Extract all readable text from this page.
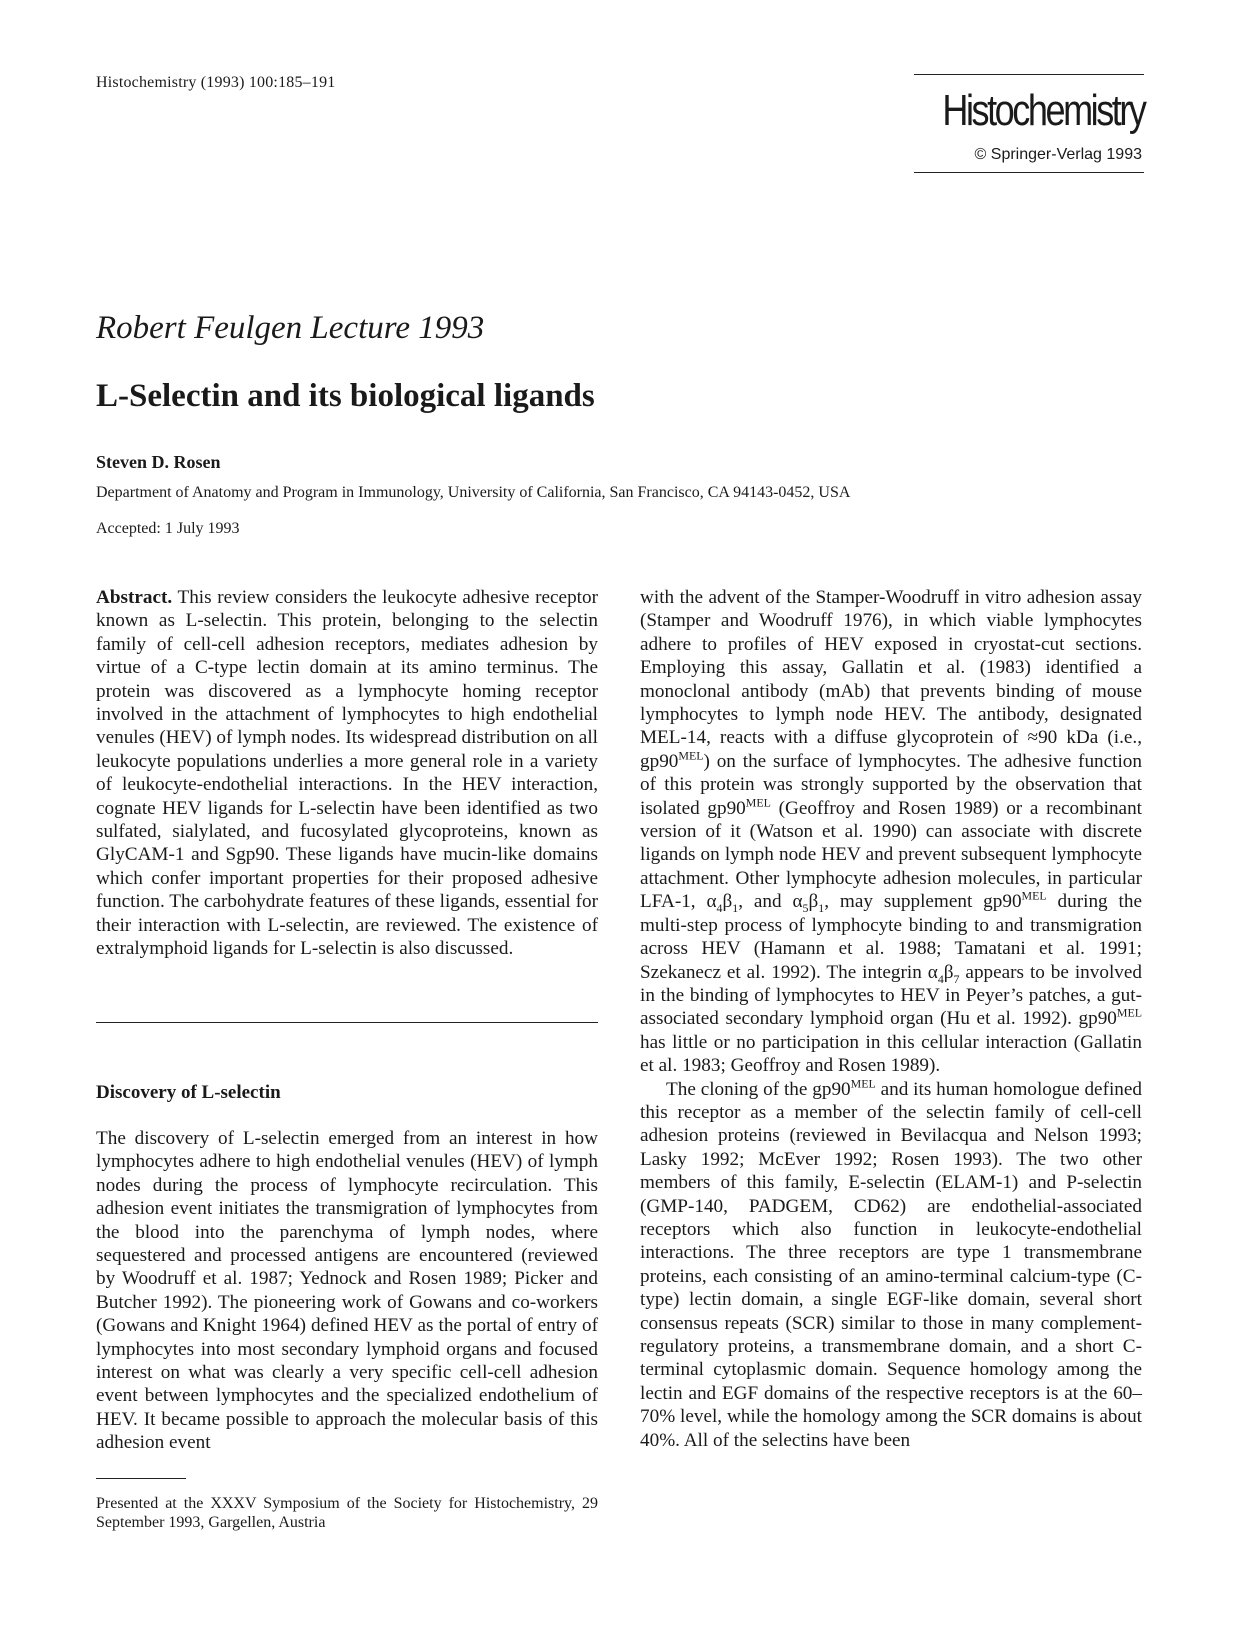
Histochemistry (1993) 100:185–191
Histochemistry
© Springer-Verlag 1993
Robert Feulgen Lecture 1993
L-Selectin and its biological ligands
Steven D. Rosen
Department of Anatomy and Program in Immunology, University of California, San Francisco, CA 94143-0452, USA
Accepted: 1 July 1993

Abstract. This review considers the leukocyte adhesive receptor known as L-selectin. This protein, belonging to the selectin family of cell-cell adhesion receptors, mediates adhesion by virtue of a C-type lectin domain at its amino terminus. The protein was discovered as a lymphocyte homing receptor involved in the attachment of lymphocytes to high endothelial venules (HEV) of lymph nodes. Its widespread distribution on all leukocyte populations underlies a more general role in a variety of leukocyte-endothelial interactions. In the HEV interaction, cognate HEV ligands for L-selectin have been identified as two sulfated, sialylated, and fucosylated glycoproteins, known as GlyCAM-1 and Sgp90. These ligands have mucin-like domains which confer important properties for their proposed adhesive function. The carbohydrate features of these ligands, essential for their interaction with L-selectin, are reviewed. The existence of extralymphoid ligands for L-selectin is also discussed.

Discovery of L-selectin

The discovery of L-selectin emerged from an interest in how lymphocytes adhere to high endothelial venules (HEV) of lymph nodes during the process of lymphocyte recirculation. This adhesion event initiates the transmigration of lymphocytes from the blood into the parenchyma of lymph nodes, where sequestered and processed antigens are encountered (reviewed by Woodruff et al. 1987; Yednock and Rosen 1989; Picker and Butcher 1992). The pioneering work of Gowans and co-workers (Gowans and Knight 1964) defined HEV as the portal of entry of lymphocytes into most secondary lymphoid organs and focused interest on what was clearly a very specific cell-cell adhesion event between lymphocytes and the specialized endothelium of HEV. It became possible to approach the molecular basis of this adhesion event

Presented at the XXXV Symposium of the Society for Histochemistry, 29 September 1993, Gargellen, Austria

with the advent of the Stamper-Woodruff in vitro adhesion assay (Stamper and Woodruff 1976), in which viable lymphocytes adhere to profiles of HEV exposed in cryostat-cut sections. Employing this assay, Gallatin et al. (1983) identified a monoclonal antibody (mAb) that prevents binding of mouse lymphocytes to lymph node HEV. The antibody, designated MEL-14, reacts with a diffuse glycoprotein of ≈90 kDa (i.e., $gp90^{MEL}$) on the surface of lymphocytes. The adhesive function of this protein was strongly supported by the observation that isolated $gp90^{MEL}$ (Geoffroy and Rosen 1989) or a recombinant version of it (Watson et al. 1990) can associate with discrete ligands on lymph node HEV and prevent subsequent lymphocyte attachment. Other lymphocyte adhesion molecules, in particular LFA-1, $\alpha_4\beta_1$, and $\alpha_5\beta_1$, may supplement $gp90^{MEL}$ during the multi-step process of lymphocyte binding to and transmigration across HEV (Hamann et al. 1988; Tamatani et al. 1991; Szekanecz et al. 1992). The integrin $\alpha_4\beta_7$ appears to be involved in the binding of lymphocytes to HEV in Peyer’s patches, a gut-associated secondary lymphoid organ (Hu et al. 1992). $gp90^{MEL}$ has little or no participation in this cellular interaction (Gallatin et al. 1983; Geoffroy and Rosen 1989).

The cloning of the $gp90^{MEL}$ and its human homologue defined this receptor as a member of the selectin family of cell-cell adhesion proteins (reviewed in Bevilacqua and Nelson 1993; Lasky 1992; McEver 1992; Rosen 1993). The two other members of this family, E-selectin (ELAM-1) and P-selectin (GMP-140, PADGEM, CD62) are endothelial-associated receptors which also function in leukocyte-endothelial interactions. The three receptors are type 1 transmembrane proteins, each consisting of an amino-terminal calcium-type (C-type) lectin domain, a single EGF-like domain, several short consensus repeats (SCR) similar to those in many complement-regulatory proteins, a transmembrane domain, and a short C-terminal cytoplasmic domain. Sequence homology among the lectin and EGF domains of the respective receptors is at the 60–70% level, while the homology among the SCR domains is about 40%. All of the selectins have been
